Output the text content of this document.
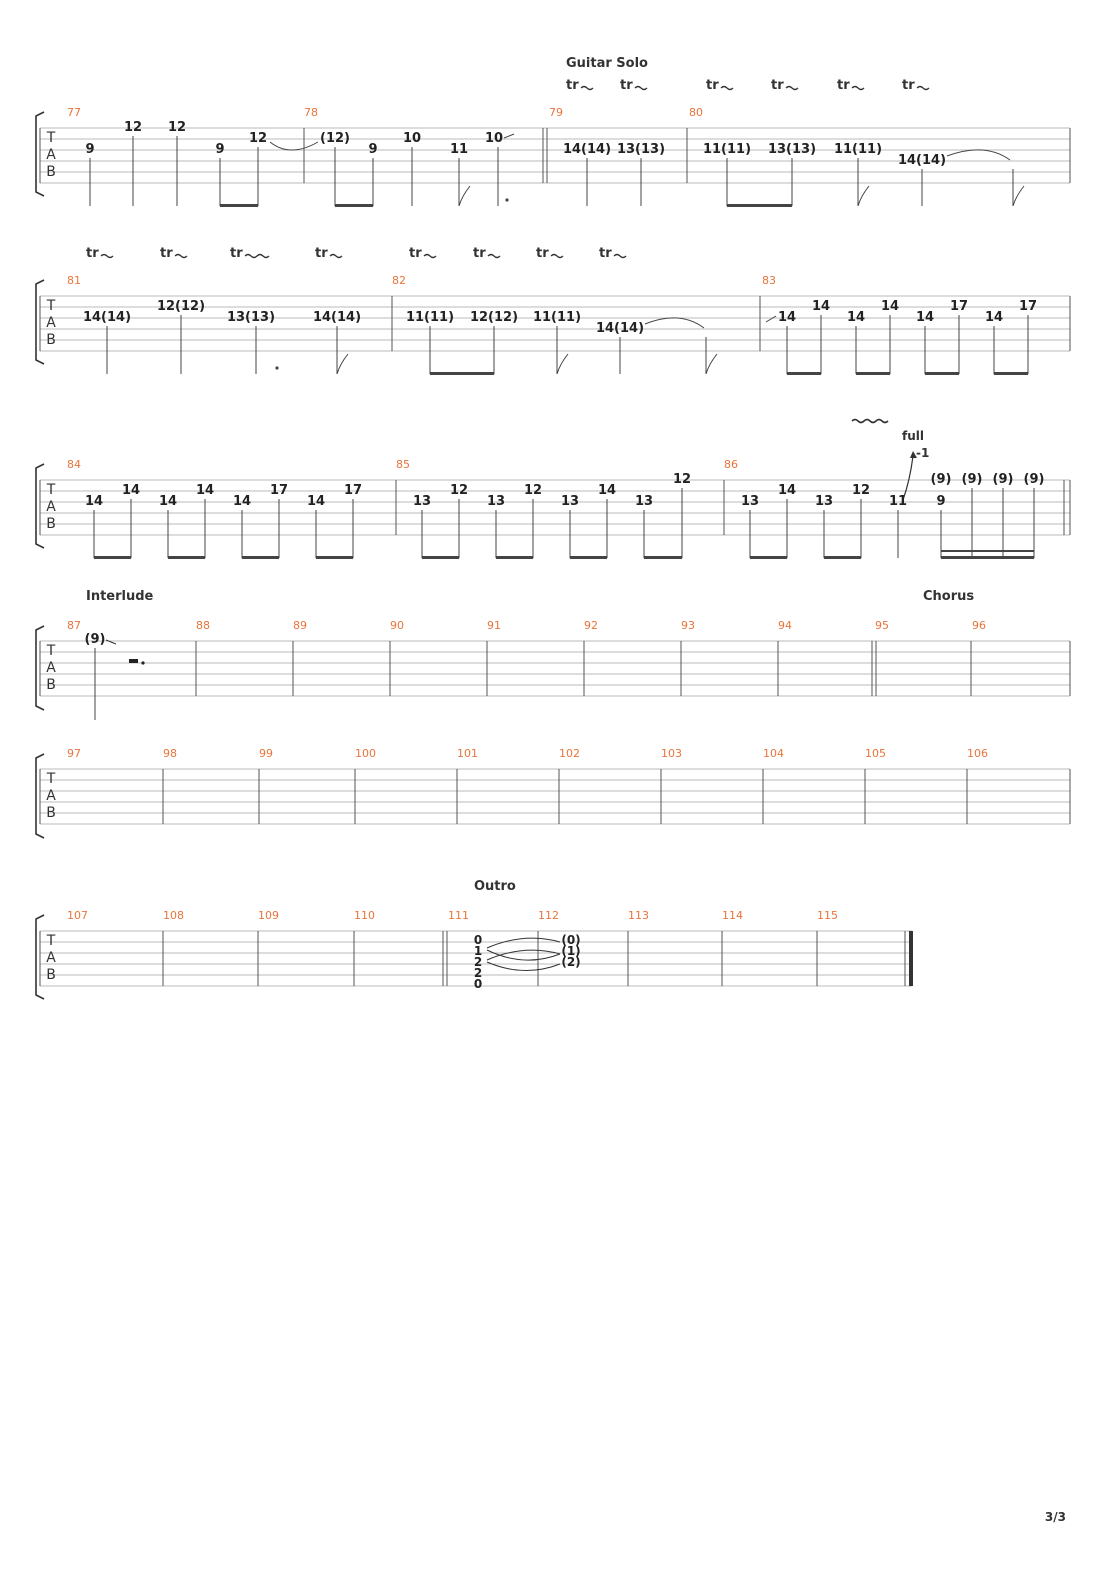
T
A
B
77	78	79	80
Guitar Solo
tr	tr	tr	tr	tr	tr
9
12 12
9
12	(12)
9
10
11
10
14(14) 13(13)	11(11) 13(13) 11(11)
14(14)
T
A
B
81	82	83
tr	tr	tr	tr	tr	tr	tr	tr
14(14)
12(12)
13(13)	14(14)	11(11) 12(12) 11(11)
14(14)
14
14
14
14
14
17
14
17
T
A
B
84	85	86
full
-1
14
14
14
14
14
17
14
17
13
12
13
12
13
14
13
12
13
14
13
12
11 9
(9) (9) (9) (9)
T
A
B
87	88	89	90	91	92	93	94	95	96
Interlude	Chorus
(9)
T
A
B
97	98	99	100	101	102	103	104	105	106
T
A
B
107	108	109	110	111	112	113	114	115
Outro
0
1
2
2
0
(0)
(1)
(2)
3/3
